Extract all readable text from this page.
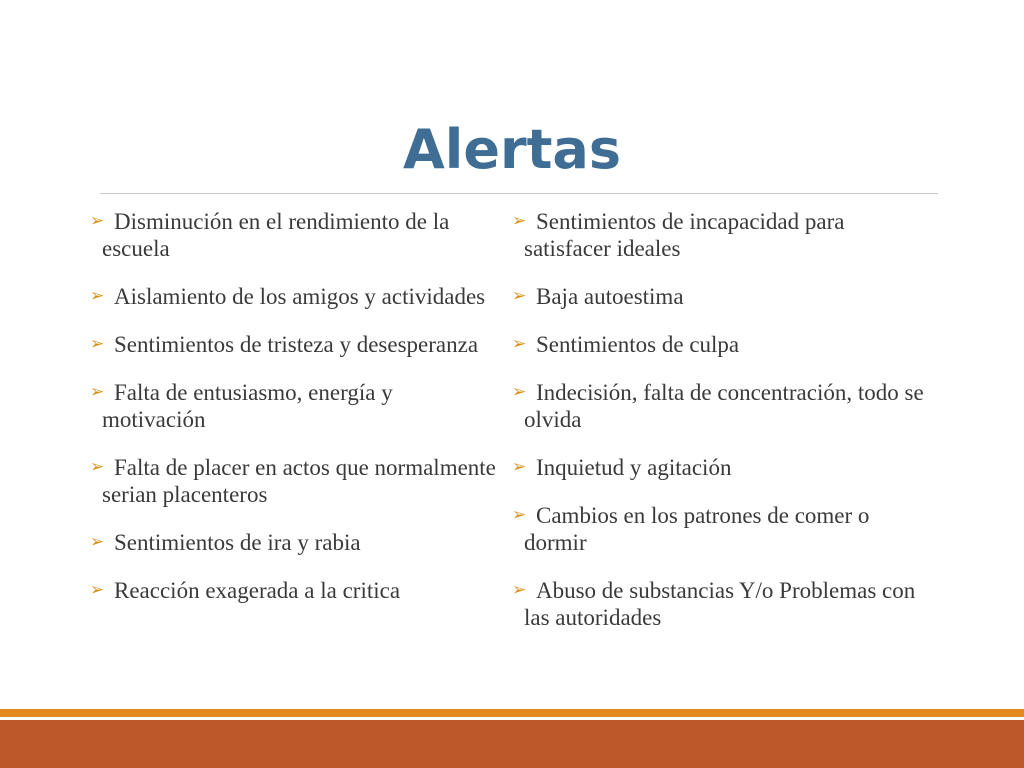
Alertas
➢ Disminución en el rendimiento de la escuela
➢ Aislamiento de los amigos y actividades
➢ Sentimientos de tristeza y desesperanza
➢ Falta de entusiasmo, energía y motivación
➢ Falta de placer en actos que normalmente serian placenteros
➢ Sentimientos de ira y rabia
➢ Reacción exagerada a la critica
➢ Sentimientos de incapacidad para satisfacer ideales
➢ Baja autoestima
➢ Sentimientos de culpa
➢ Indecisión, falta de concentración, todo se olvida
➢ Inquietud y agitación
➢ Cambios en los patrones de comer o dormir
➢ Abuso de substancias Y/o Problemas con las autoridades
